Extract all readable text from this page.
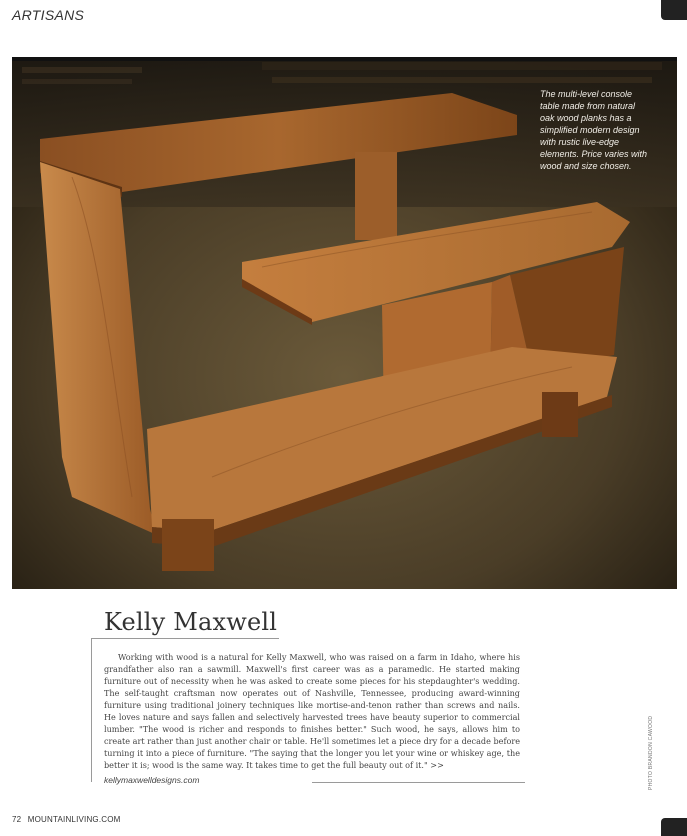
ARTISANS
The multi-level console table made from natural oak wood planks has a simplified modern design with rustic live-edge elements. Price varies with wood and size chosen.
Kelly Maxwell
Working with wood is a natural for Kelly Maxwell, who was raised on a farm in Idaho, where his grandfather also ran a sawmill. Maxwell's first career was as a paramedic. He started making furniture out of necessity when he was asked to create some pieces for his stepdaughter's wedding. The self-taught craftsman now operates out of Nashville, Tennessee, producing award-winning furniture using traditional joinery techniques like mortise-and-tenon rather than screws and nails. He loves nature and says fallen and selectively harvested trees have beauty superior to commercial lumber. "The wood is richer and responds to finishes better." Such wood, he says, allows him to create art rather than just another chair or table. He'll sometimes let a piece dry for a decade before turning it into a piece of furniture. "The saying that the longer you let your wine or whiskey age, the better it is; wood is the same way. It takes time to get the full beauty out of it." >>
kellymaxwelldesigns.com	PHOTO BRANDON CAWOOD
72 MOUNTAINLIVING.COM
